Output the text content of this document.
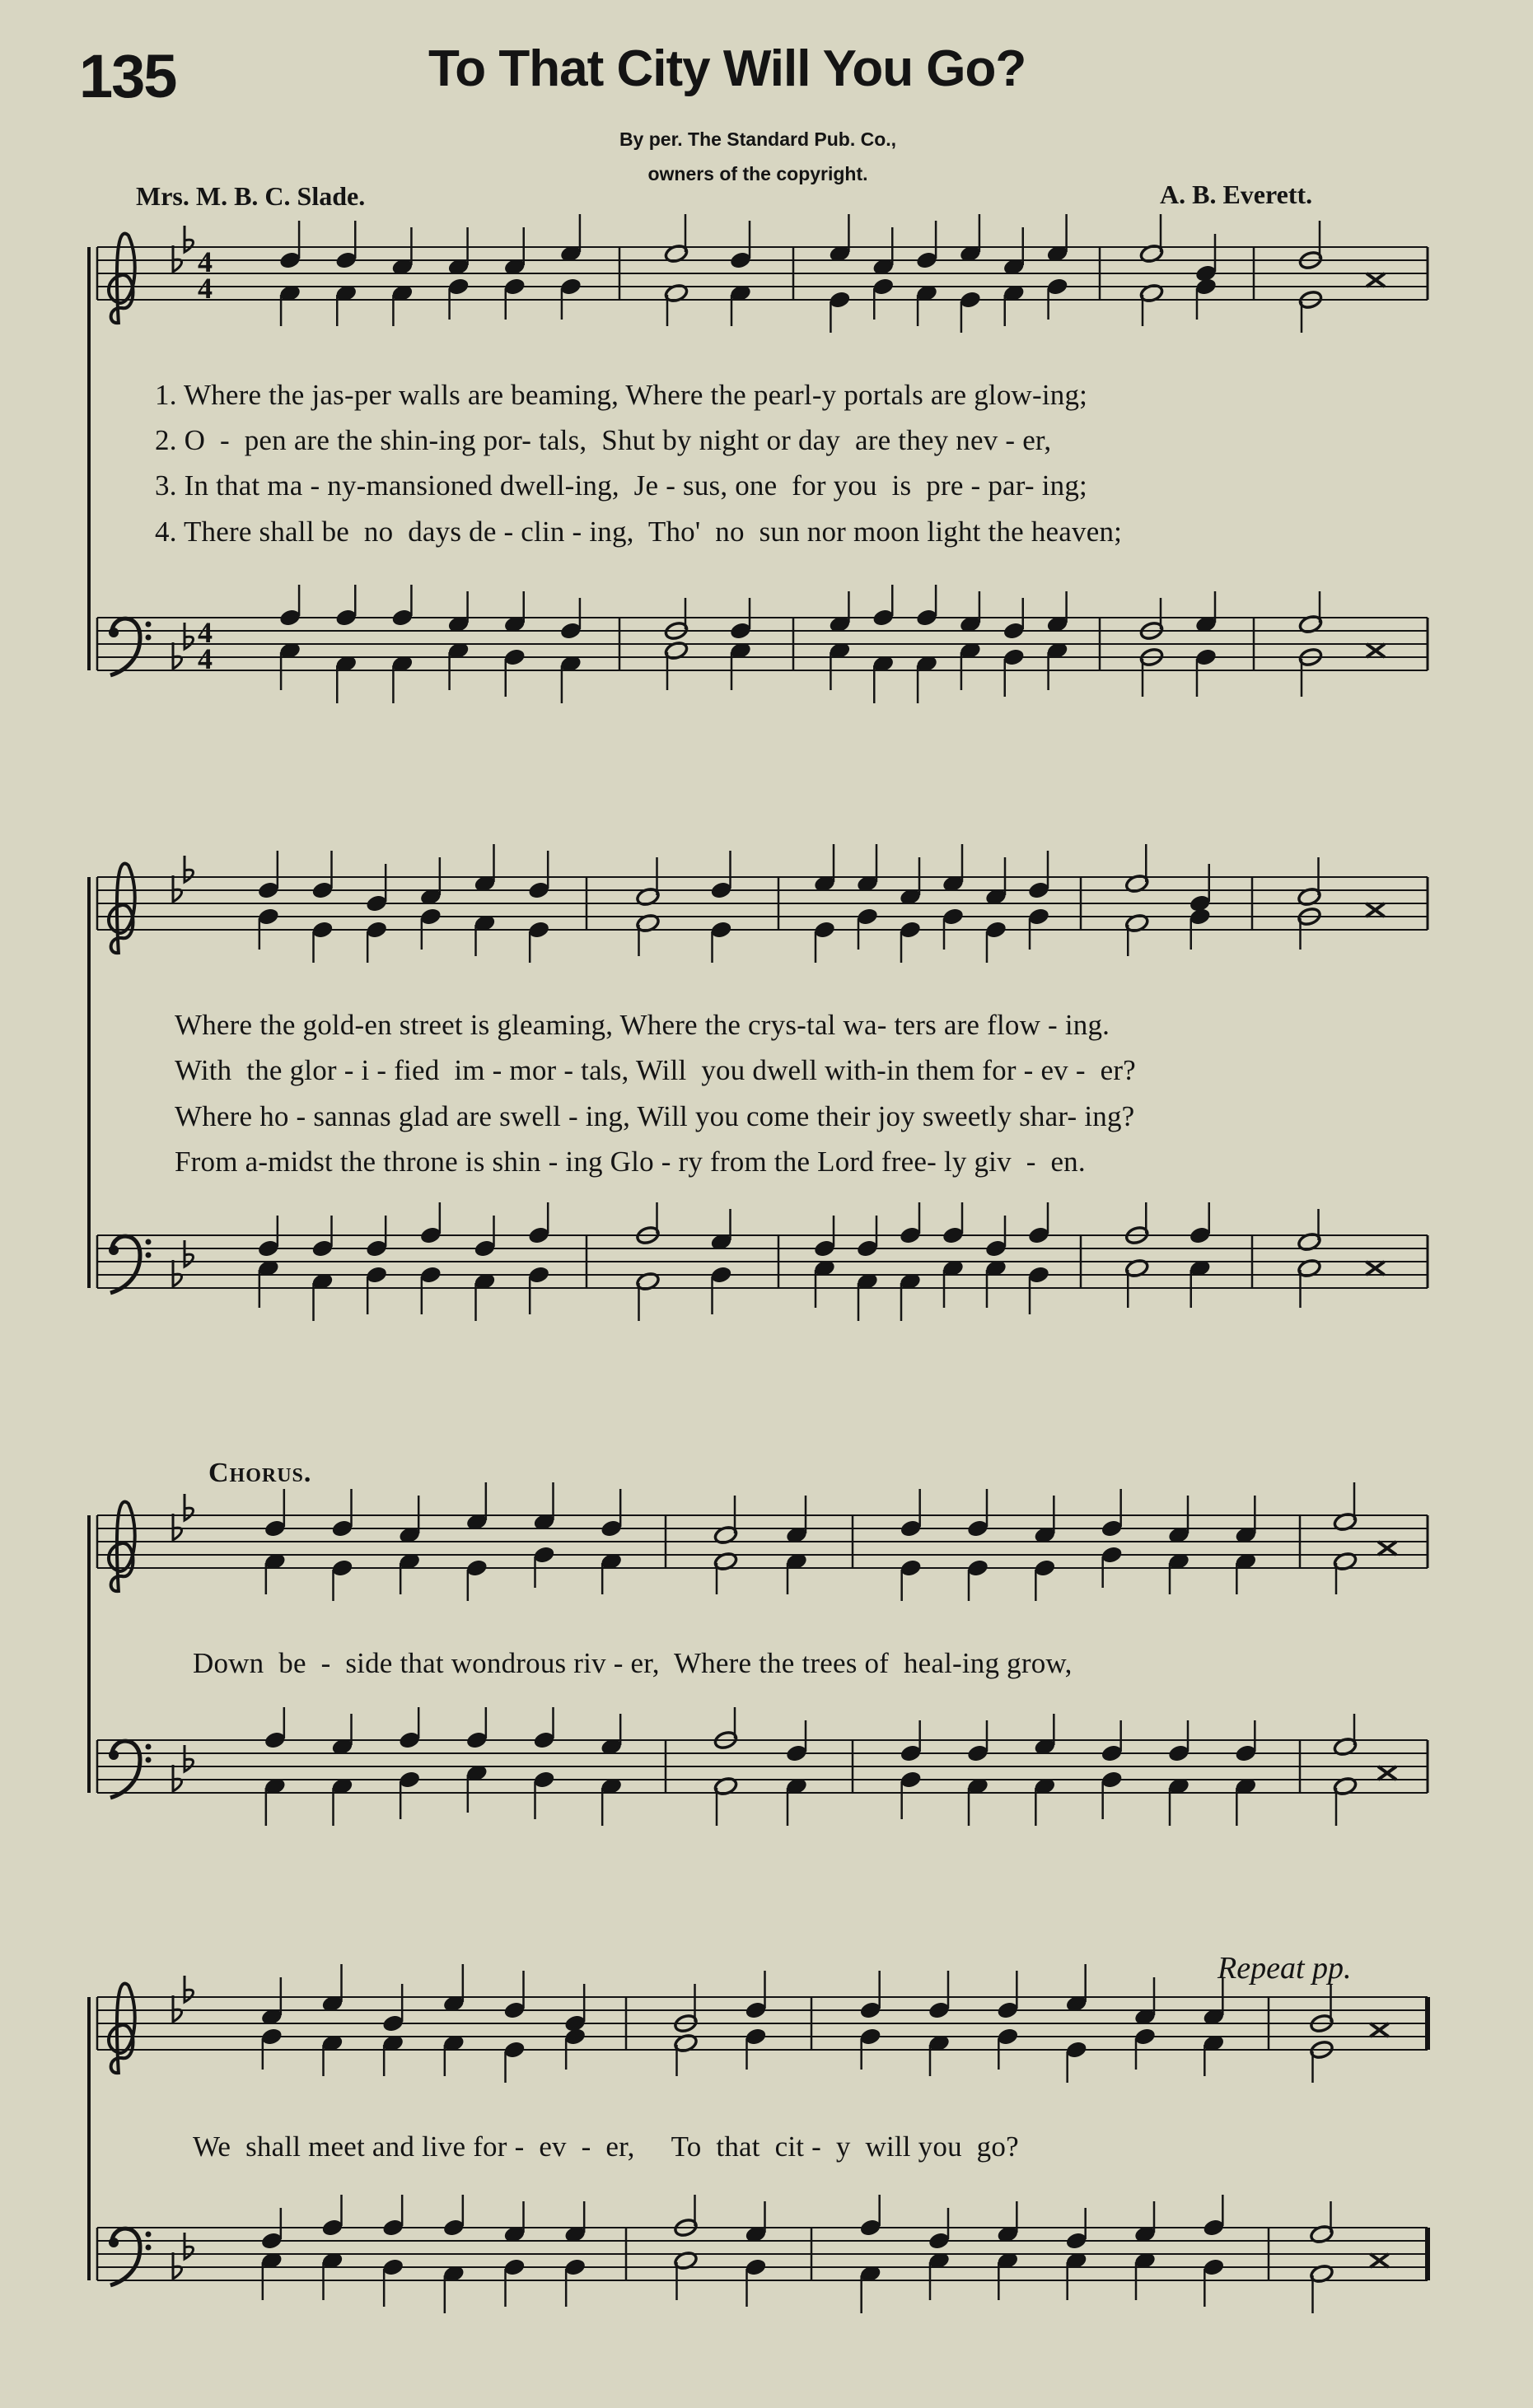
135	To That City Will You Go?
By per. The Standard Pub. Co.,
owners of the copyright.
Mrs. M. B. C. Slade.	A. B. Everett.
4
4
4
4
1. Where the jas-per walls are beaming, Where the pearl-y portals are glow-ing;
2. O  -  pen are the shin-ing por- tals,  Shut by night or day  are they nev - er,
3. In that ma - ny-mansioned dwell-ing,  Je - sus, one  for you  is  pre - par- ing;
4. There shall be  no  days de - clin - ing,  Tho'  no  sun nor moon light the heaven;
Where the gold-en street is gleaming, Where the crys-tal wa- ters are flow - ing.
With  the glor - i - fied  im - mor - tals, Will  you dwell with-in them for - ev -  er?
Where ho - sannas glad are swell - ing, Will you come their joy sweetly shar- ing?
From a-midst the throne is shin - ing Glo - ry from the Lord free- ly giv  -  en.
Chorus.
Down  be  -  side that wondrous riv - er,  Where the trees of  heal-ing grow,
We  shall meet and live for -  ev  -  er,     To  that  cit -  y  will you  go?
Repeat pp.
